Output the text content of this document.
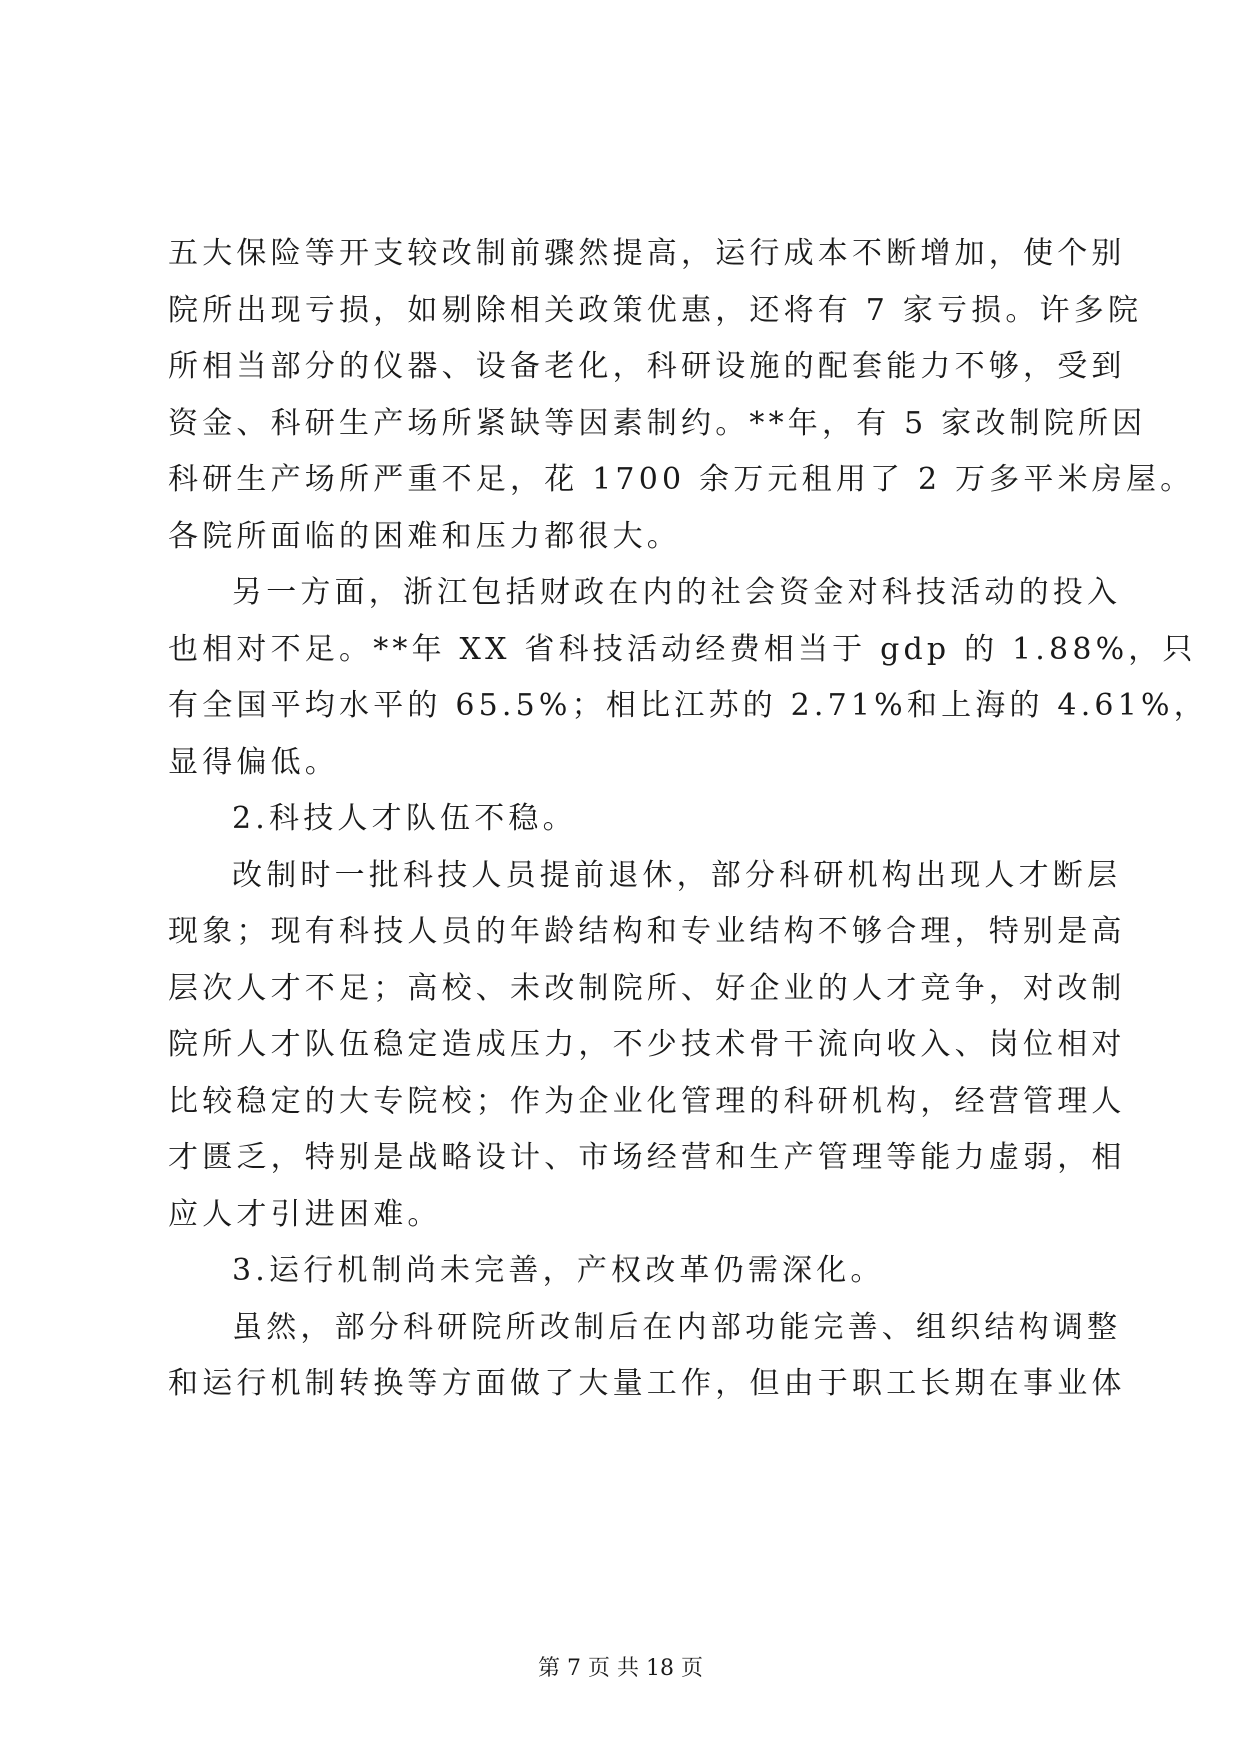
五大保险等开支较改制前骤然提高，运行成本不断增加，使个别
院所出现亏损，如剔除相关政策优惠，还将有 7 家亏损。许多院
所相当部分的仪器、设备老化，科研设施的配套能力不够，受到
资金、科研生产场所紧缺等因素制约。**年，有 5 家改制院所因
科研生产场所严重不足，花 1700 余万元租用了 2 万多平米房屋。
各院所面临的困难和压力都很大。
另一方面，浙江包括财政在内的社会资金对科技活动的投入
也相对不足。**年 XX 省科技活动经费相当于 gdp 的 1.88%，只
有全国平均水平的 65.5%；相比江苏的 2.71%和上海的 4.61%，
显得偏低。
2.科技人才队伍不稳。
改制时一批科技人员提前退休，部分科研机构出现人才断层
现象；现有科技人员的年龄结构和专业结构不够合理，特别是高
层次人才不足；高校、未改制院所、好企业的人才竞争，对改制
院所人才队伍稳定造成压力，不少技术骨干流向收入、岗位相对
比较稳定的大专院校；作为企业化管理的科研机构，经营管理人
才匮乏，特别是战略设计、市场经营和生产管理等能力虚弱，相
应人才引进困难。
3.运行机制尚未完善，产权改革仍需深化。
虽然，部分科研院所改制后在内部功能完善、组织结构调整
和运行机制转换等方面做了大量工作，但由于职工长期在事业体
第 7 页 共 18 页
